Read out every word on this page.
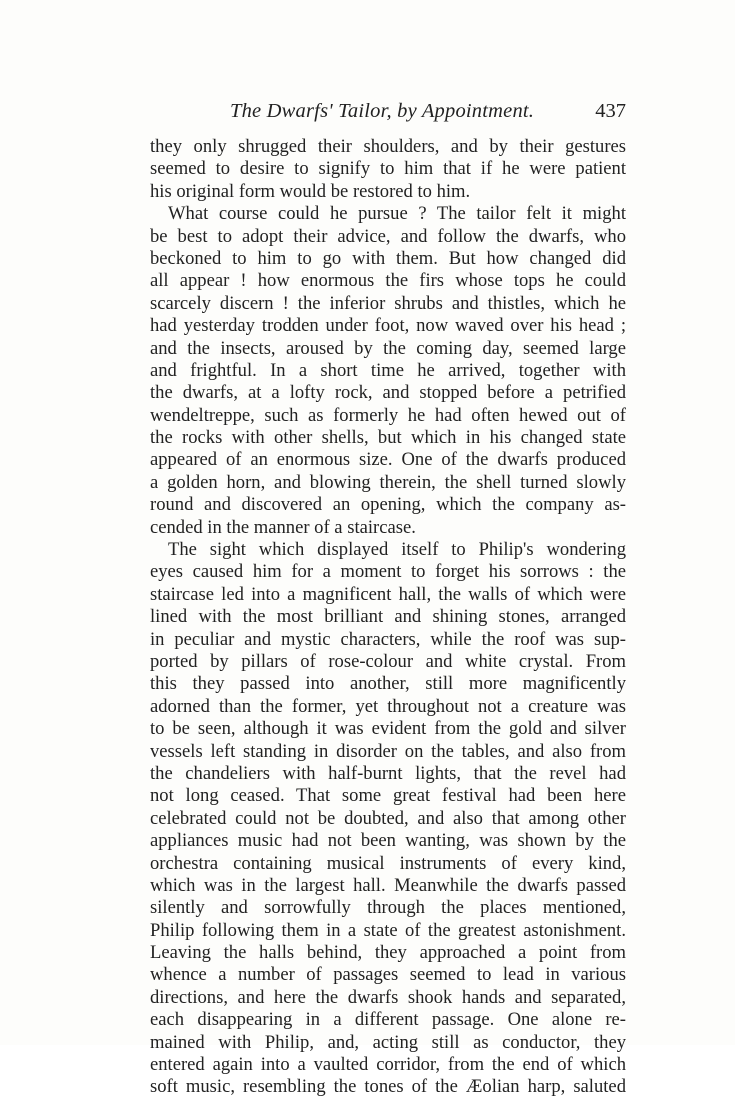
The Dwarfs' Tailor, by Appointment.	437
they only shrugged their shoulders, and by their gestures
seemed to desire to signify to him that if he were patient
his original form would be restored to him.
What course could he pursue ? The tailor felt it might
be best to adopt their advice, and follow the dwarfs, who
beckoned to him to go with them. But how changed did
all appear ! how enormous the firs whose tops he could
scarcely discern ! the inferior shrubs and thistles, which he
had yesterday trodden under foot, now waved over his head ;
and the insects, aroused by the coming day, seemed large
and frightful. In a short time he arrived, together with
the dwarfs, at a lofty rock, and stopped before a petrified
wendeltreppe, such as formerly he had often hewed out of
the rocks with other shells, but which in his changed state
appeared of an enormous size. One of the dwarfs produced
a golden horn, and blowing therein, the shell turned slowly
round and discovered an opening, which the company as-
cended in the manner of a staircase.
The sight which displayed itself to Philip's wondering
eyes caused him for a moment to forget his sorrows : the
staircase led into a magnificent hall, the walls of which were
lined with the most brilliant and shining stones, arranged
in peculiar and mystic characters, while the roof was sup-
ported by pillars of rose-colour and white crystal. From
this they passed into another, still more magnificently
adorned than the former, yet throughout not a creature was
to be seen, although it was evident from the gold and silver
vessels left standing in disorder on the tables, and also from
the chandeliers with half-burnt lights, that the revel had
not long ceased. That some great festival had been here
celebrated could not be doubted, and also that among other
appliances music had not been wanting, was shown by the
orchestra containing musical instruments of every kind,
which was in the largest hall. Meanwhile the dwarfs passed
silently and sorrowfully through the places mentioned,
Philip following them in a state of the greatest astonishment.
Leaving the halls behind, they approached a point from
whence a number of passages seemed to lead in various
directions, and here the dwarfs shook hands and separated,
each disappearing in a different passage. One alone re-
mained with Philip, and, acting still as conductor, they
entered again into a vaulted corridor, from the end of which
soft music, resembling the tones of the Æolian harp, saluted
